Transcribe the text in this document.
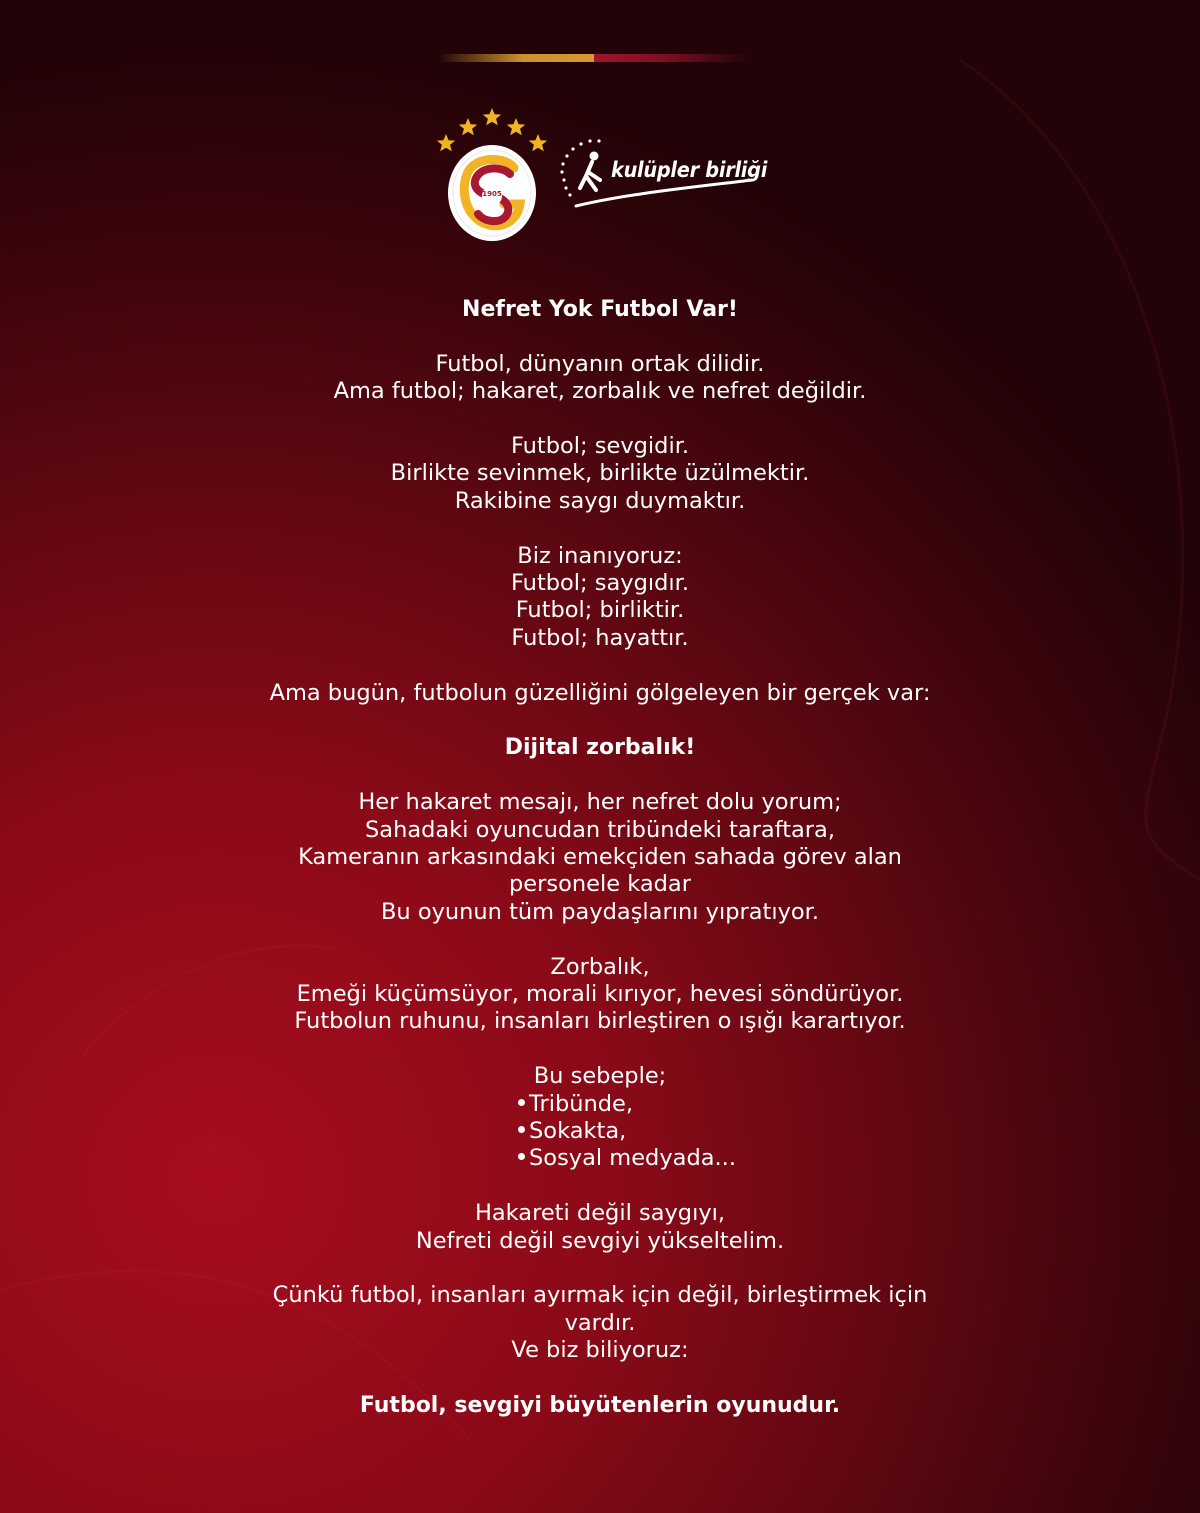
1905
kulüpler birliği

Nefret Yok Futbol Var!

Futbol, dünyanın ortak dilidir.
Ama futbol; hakaret, zorbalık ve nefret değildir.

Futbol; sevgidir.
Birlikte sevinmek, birlikte üzülmektir.
Rakibine saygı duymaktır.

Biz inanıyoruz:
Futbol; saygıdır.
Futbol; birliktir.
Futbol; hayattır.

Ama bugün, futbolun güzelliğini gölgeleyen bir gerçek var:

Dijital zorbalık!

Her hakaret mesajı, her nefret dolu yorum;
Sahadaki oyuncudan tribündeki taraftara,
Kameranın arkasındaki emekçiden sahada görev alan
personele kadar
Bu oyunun tüm paydaşlarını yıpratıyor.

Zorbalık,
Emeği küçümsüyor, morali kırıyor, hevesi söndürüyor.
Futbolun ruhunu, insanları birleştiren o ışığı karartıyor.

Bu sebeple;
Tribünde,
Sokakta,
Sosyal medyada...

Hakareti değil saygıyı,
Nefreti değil sevgiyi yükseltelim.

Çünkü futbol, insanları ayırmak için değil, birleştirmek için
vardır.
Ve biz biliyoruz:

Futbol, sevgiyi büyütenlerin oyunudur.
